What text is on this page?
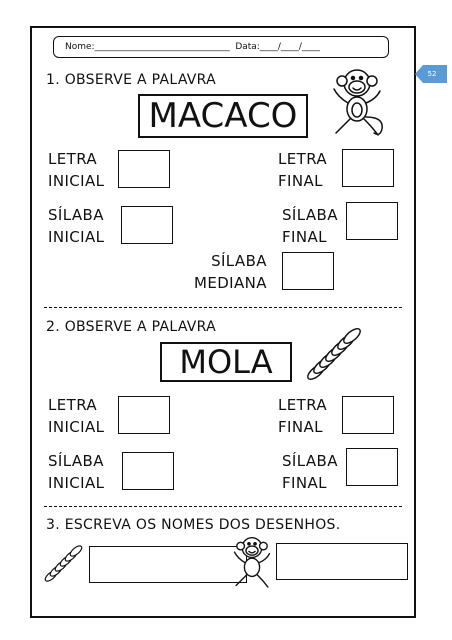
Nome:______________________________ Data:____/____/____
52
1. OBSERVE A PALAVRA
MACACO
LETRA
INICIAL
LETRA
FINAL
SÍLABA
INICIAL
SÍLABA
FINAL
SÍLABA
MEDIANA
2. OBSERVE A PALAVRA
MOLA
LETRA
INICIAL
LETRA
FINAL
SÍLABA
INICIAL
SÍLABA
FINAL
3. ESCREVA OS NOMES DOS DESENHOS.
